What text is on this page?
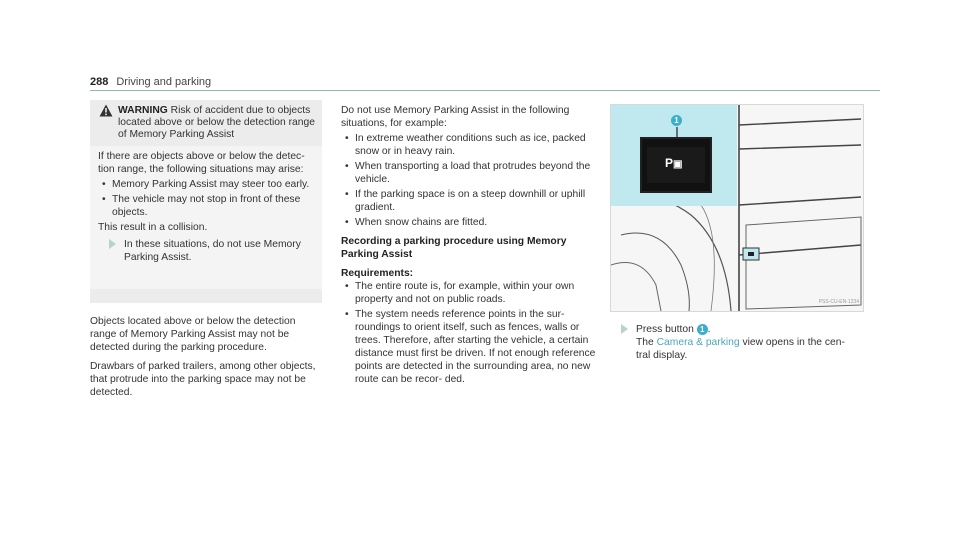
288 Driving and parking
WARNING Risk of accident due to objects located above or below the detection range of Memory Parking Assist

If there are objects above or below the detec- tion range, the following situations may arise:

• Memory Parking Assist may steer too early.
• The vehicle may not stop in front of these objects.

This result in a collision.

In these situations, do not use Memory Parking Assist.

Objects located above or below the detection range of Memory Parking Assist may not be detected during the parking procedure.

Drawbars of parked trailers, among other objects, that protrude into the parking space may not be detected.

Do not use Memory Parking Assist in the following situations, for example:

• In extreme weather conditions such as ice, packed snow or in heavy rain.
• When transporting a load that protrudes beyond the vehicle.
• If the parking space is on a steep downhill or uphill gradient.
• When snow chains are fitted.
Recording a parking procedure using Memory Parking Assist
Requirements:
• The entire route is, for example, within your own property and not on public roads.
• The system needs reference points in the sur- roundings to orient itself, such as fences, walls or trees. Therefore, after starting the vehicle, a certain distance must first be driven. If not enough reference points are detected in the surrounding area, no new route can be recor- ded.
1
P▣
PSS-CU-EN-1234
Press button 1 .
The Camera & parking view opens in the cen- tral display.
